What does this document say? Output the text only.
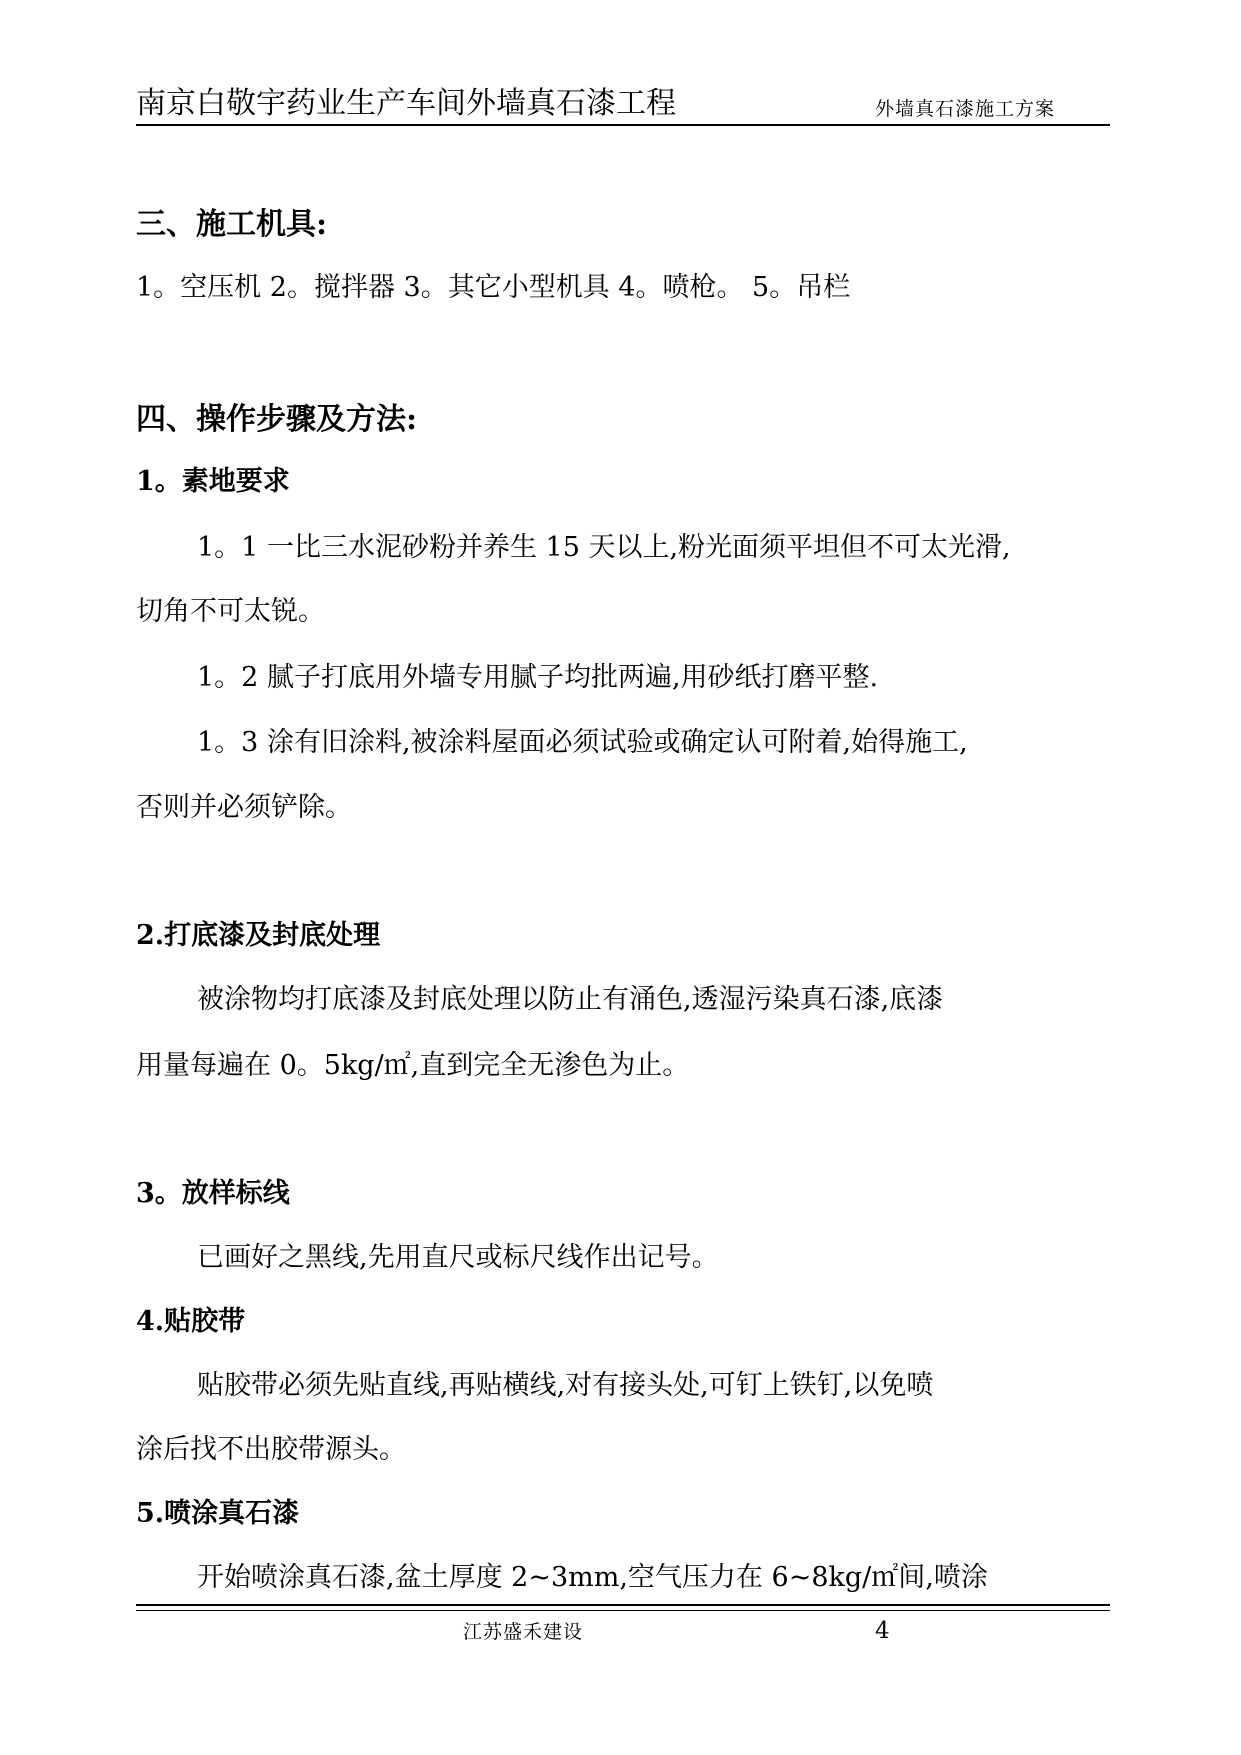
南京白敬宇药业生产车间外墙真石漆工程	外墙真石漆施工方案
三、施工机具:
1。空压机 2。搅拌器 3。其它小型机具 4。喷枪。 5。吊栏
四、操作步骤及方法:
1。素地要求
1。1 一比三水泥砂粉并养生 15 天以上,粉光面须平坦但不可太光滑,
切角不可太锐。
1。2 腻子打底用外墙专用腻子均批两遍,用砂纸打磨平整.
1。3 涂有旧涂料,被涂料屋面必须试验或确定认可附着,始得施工,
否则并必须铲除。
2.打底漆及封底处理
被涂物均打底漆及封底处理以防止有涌色,透湿污染真石漆,底漆
用量每遍在 0。5kg/㎡,直到完全无渗色为止。
3。放样标线
已画好之黑线,先用直尺或标尺线作出记号。
4.贴胶带
贴胶带必须先贴直线,再贴横线,对有接头处,可钉上铁钉,以免喷
涂后找不出胶带源头。
5.喷涂真石漆
开始喷涂真石漆,盆土厚度 2~3mm,空气压力在 6~8kg/㎡间,喷涂
江苏盛禾建设	4
